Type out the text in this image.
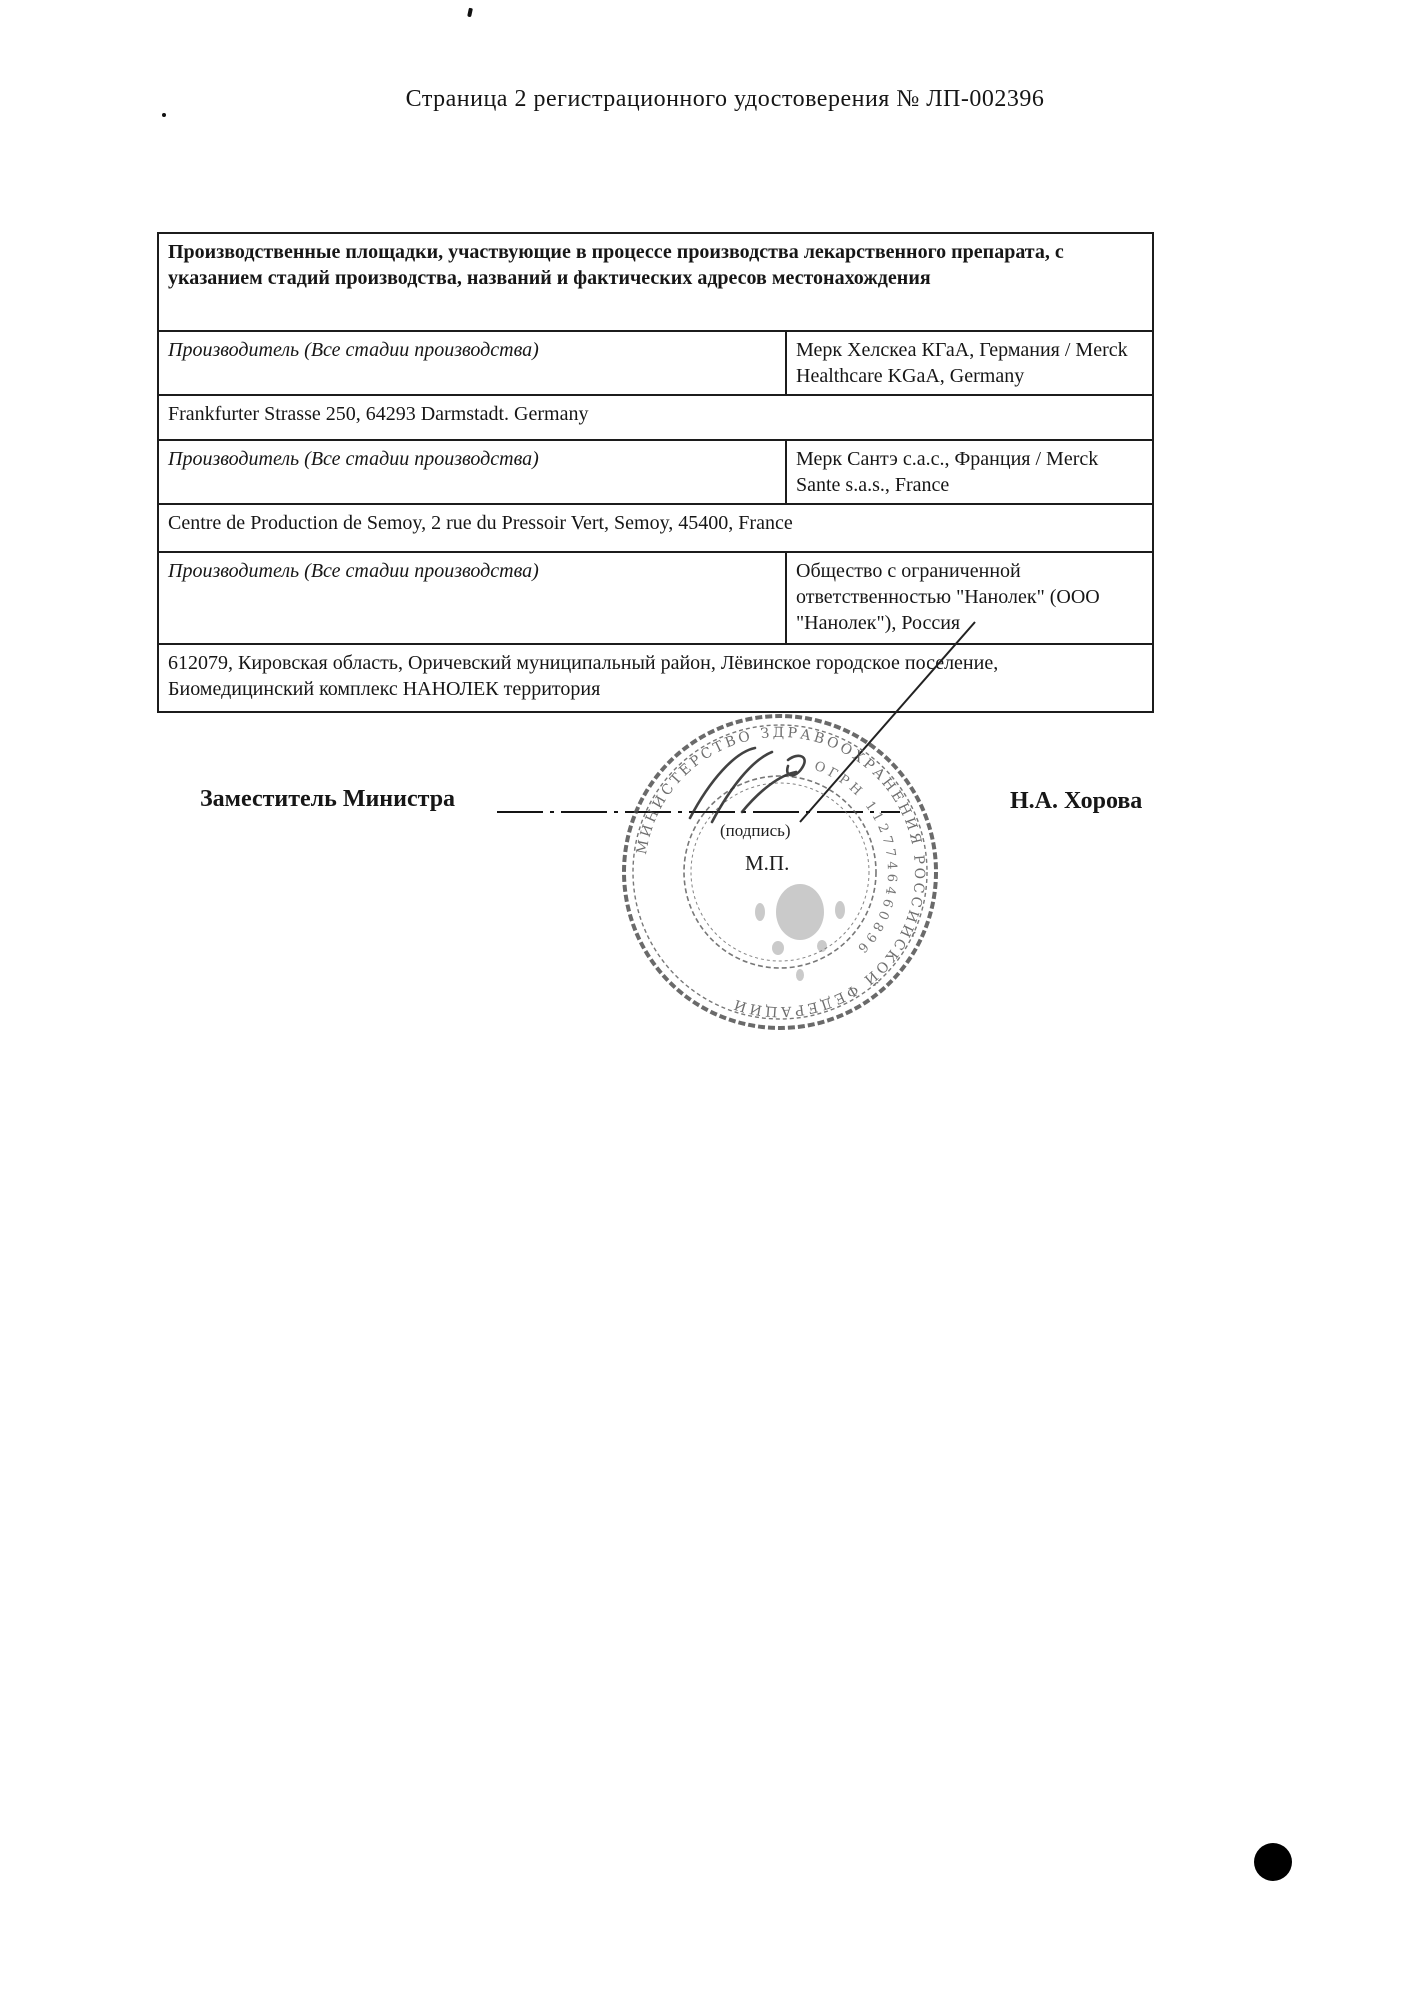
Страница 2 регистрационного удостоверения № ЛП-002396
Производственные площадки, участвующие в процессе производства лекарственного препарата, с указанием стадий производства, названий и фактических адресов местонахождения	
Производитель (Все стадии производства)	Мерк Хелскеа КГаА, Германия / Merck Healthcare KGaA, Germany
Frankfurter Strasse 250, 64293 Darmstadt. Germany	
Производитель (Все стадии производства)	Мерк Сантэ с.а.с., Франция / Merck Sante s.a.s., France
Centre de Production de Semoy, 2 rue du Pressoir Vert, Semoy, 45400, France	
Производитель (Все стадии производства)	Общество с ограниченной ответственностью "Нанолек" (ООО "Нанолек"), Россия
612079, Кировская область, Оричевский муниципальный район, Лёвинское городское поселение, Биомедицинский комплекс НАНОЛЕК территория	
Заместитель Министра	Н.А. Хорова
МИНИСТЕРСТВО ЗДРАВООХРАНЕНИЯ РОССИЙСКОЙ ФЕДЕРАЦИИ
ОГРН 1127746460896
(подпись)
М.П.
